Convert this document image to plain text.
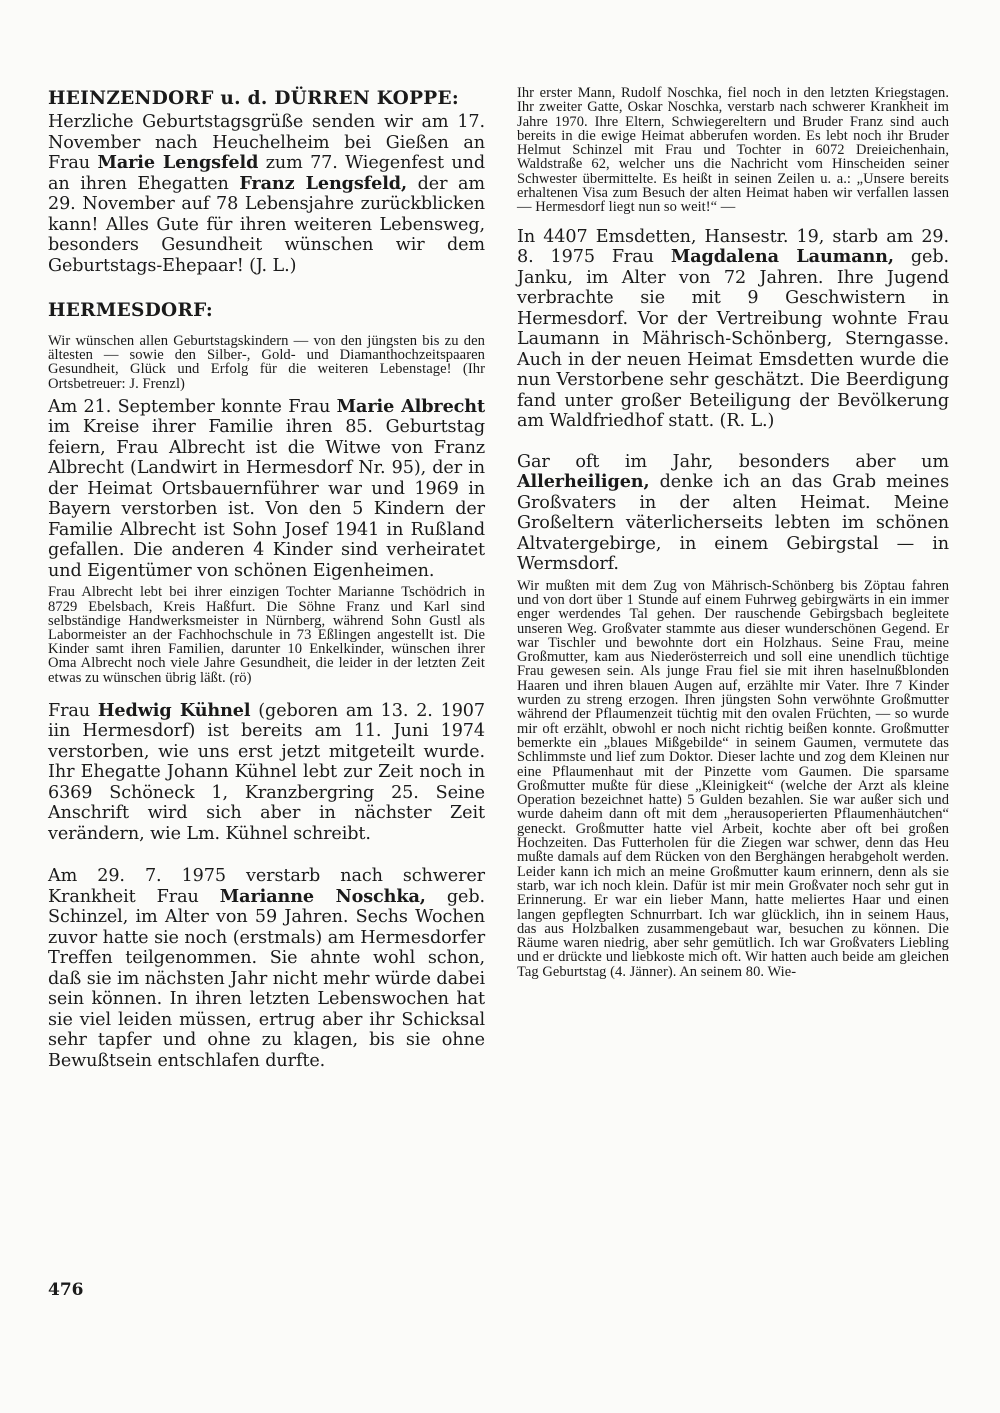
HEINZENDORF u. d. DÜRREN KOPPE:

Herzliche Geburtstagsgrüße senden wir am 17. November nach Heuchelheim bei Gießen an Frau Marie Lengsfeld zum 77. Wiegenfest und an ihren Ehegatten Franz Lengsfeld, der am 29. November auf 78 Lebensjahre zurückblicken kann! Alles Gute für ihren weiteren Lebensweg, besonders Gesundheit wünschen wir dem Geburtstags-Ehepaar! (J. L.)

HERMESDORF:

Wir wünschen allen Geburtstagskindern — von den jüngsten bis zu den ältesten — sowie den Silber-, Gold- und Diamanthochzeitspaaren Gesundheit, Glück und Erfolg für die weiteren Lebenstage! (Ihr Ortsbetreuer: J. Frenzl)

Am 21. September konnte Frau Marie Albrecht im Kreise ihrer Familie ihren 85. Geburtstag feiern, Frau Albrecht ist die Witwe von Franz Albrecht (Landwirt in Hermesdorf Nr. 95), der in der Heimat Ortsbauernführer war und 1969 in Bayern verstorben ist. Von den 5 Kindern der Familie Albrecht ist Sohn Josef 1941 in Rußland gefallen. Die anderen 4 Kinder sind verheiratet und Eigentümer von schönen Eigenheimen.

Frau Albrecht lebt bei ihrer einzigen Tochter Marianne Tschödrich in 8729 Ebelsbach, Kreis Haßfurt. Die Söhne Franz und Karl sind selbständige Handwerksmeister in Nürnberg, während Sohn Gustl als Labormeister an der Fachhochschule in 73 Eßlingen angestellt ist. Die Kinder samt ihren Familien, darunter 10 Enkelkinder, wünschen ihrer Oma Albrecht noch viele Jahre Gesundheit, die leider in der letzten Zeit etwas zu wünschen übrig läßt. (rö)

Frau Hedwig Kühnel (geboren am 13. 2. 1907 iin Hermesdorf) ist bereits am 11. Juni 1974 verstorben, wie uns erst jetzt mitgeteilt wurde. Ihr Ehegatte Johann Kühnel lebt zur Zeit noch in 6369 Schöneck 1, Kranzbergring 25. Seine Anschrift wird sich aber in nächster Zeit verändern, wie Lm. Kühnel schreibt.

Am 29. 7. 1975 verstarb nach schwerer Krankheit Frau Marianne Noschka, geb. Schinzel, im Alter von 59 Jahren. Sechs Wochen zuvor hatte sie noch (erstmals) am Hermesdorfer Treffen teilgenommen. Sie ahnte wohl schon, daß sie im nächsten Jahr nicht mehr würde dabei sein können. In ihren letzten Lebenswochen hat sie viel leiden müssen, ertrug aber ihr Schicksal sehr tapfer und ohne zu klagen, bis sie ohne Bewußtsein entschlafen durfte.

Ihr erster Mann, Rudolf Noschka, fiel noch in den letzten Kriegstagen. Ihr zweiter Gatte, Oskar Noschka, verstarb nach schwerer Krankheit im Jahre 1970. Ihre Eltern, Schwiegereltern und Bruder Franz sind auch bereits in die ewige Heimat abberufen worden. Es lebt noch ihr Bruder Helmut Schinzel mit Frau und Tochter in 6072 Dreieichenhain, Waldstraße 62, welcher uns die Nachricht vom Hinscheiden seiner Schwester übermittelte. Es heißt in seinen Zeilen u. a.: „Unsere bereits erhaltenen Visa zum Besuch der alten Heimat haben wir verfallen lassen — Hermesdorf liegt nun so weit!“ —

In 4407 Emsdetten, Hansestr. 19, starb am 29. 8. 1975 Frau Magdalena Laumann, geb. Janku, im Alter von 72 Jahren. Ihre Jugend verbrachte sie mit 9 Geschwistern in Hermesdorf. Vor der Vertreibung wohnte Frau Laumann in Mährisch-Schönberg, Sterngasse. Auch in der neuen Heimat Emsdetten wurde die nun Verstorbene sehr geschätzt. Die Beerdigung fand unter großer Beteiligung der Bevölkerung am Waldfriedhof statt. (R. L.)

Gar oft im Jahr, besonders aber um Allerheiligen, denke ich an das Grab meines Großvaters in der alten Heimat. Meine Großeltern väterlicherseits lebten im schönen Altvatergebirge, in einem Gebirgstal — in Wermsdorf.

Wir mußten mit dem Zug von Mährisch-Schönberg bis Zöptau fahren und von dort über 1 Stunde auf einem Fuhrweg gebirgwärts in ein immer enger werdendes Tal gehen. Der rauschende Gebirgsbach begleitete unseren Weg. Großvater stammte aus dieser wunderschönen Gegend. Er war Tischler und bewohnte dort ein Holzhaus. Seine Frau, meine Großmutter, kam aus Niederösterreich und soll eine unendlich tüchtige Frau gewesen sein. Als junge Frau fiel sie mit ihren haselnußblonden Haaren und ihren blauen Augen auf, erzählte mir Vater. Ihre 7 Kinder wurden zu streng erzogen. Ihren jüngsten Sohn verwöhnte Großmutter während der Pflaumenzeit tüchtig mit den ovalen Früchten, — so wurde mir oft erzählt, obwohl er noch nicht richtig beißen konnte. Großmutter bemerkte ein „blaues Mißgebilde“ in seinem Gaumen, vermutete das Schlimmste und lief zum Doktor. Dieser lachte und zog dem Kleinen nur eine Pflaumenhaut mit der Pinzette vom Gaumen. Die sparsame Großmutter mußte für diese „Kleinigkeit“ (welche der Arzt als kleine Operation bezeichnet hatte) 5 Gulden bezahlen. Sie war außer sich und wurde daheim dann oft mit dem „herausoperierten Pflaumenhäutchen“ geneckt. Großmutter hatte viel Arbeit, kochte aber oft bei großen Hochzeiten. Das Futterholen für die Ziegen war schwer, denn das Heu mußte damals auf dem Rücken von den Berghängen herabgeholt werden. Leider kann ich mich an meine Großmutter kaum erinnern, denn als sie starb, war ich noch klein. Dafür ist mir mein Großvater noch sehr gut in Erinnerung. Er war ein lieber Mann, hatte meliertes Haar und einen langen gepflegten Schnurrbart. Ich war glücklich, ihn in seinem Haus, das aus Holzbalken zusammengebaut war, besuchen zu können. Die Räume waren niedrig, aber sehr gemütlich. Ich war Großvaters Liebling und er drückte und liebkoste mich oft. Wir hatten auch beide am gleichen Tag Geburtstag (4. Jänner). An seinem 80. Wie-

476
